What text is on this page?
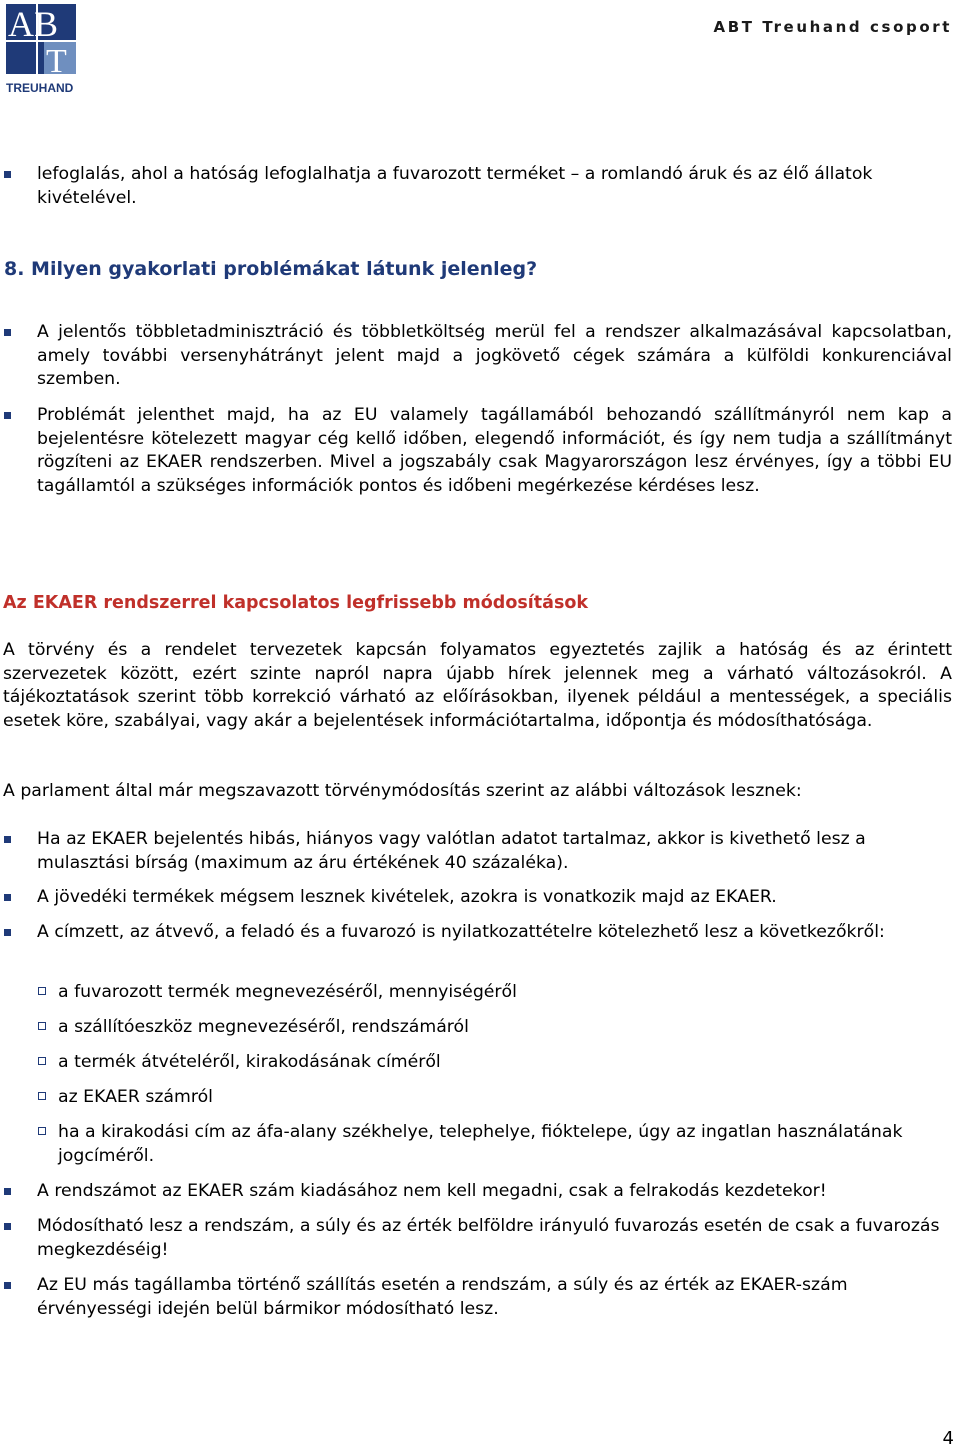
AB
T
TREUHAND
ABT Treuhand csoport
lefoglalás, ahol a hatóság lefoglalhatja a fuvarozott terméket – a romlandó áruk és az élő állatok kivételével.
8. Milyen gyakorlati problémákat látunk jelenleg?
A jelentős többletadminisztráció és többletköltség merül fel a rendszer alkalmazásával kapcsolatban, amely további versenyhátrányt jelent majd a jogkövető cégek számára a külföldi konkurenciával szemben.
Problémát jelenthet majd, ha az EU valamely tagállamából behozandó szállítmányról nem kap a bejelentésre kötelezett magyar cég kellő időben, elegendő információt, és így nem tudja a szállítmányt rögzíteni az EKAER rendszerben. Mivel a jogszabály csak Magyarországon lesz érvényes, így a többi EU tagállamtól a szükséges információk pontos és időbeni megérkezése kérdéses lesz.
Az EKAER rendszerrel kapcsolatos legfrissebb módosítások
A törvény és a rendelet tervezetek kapcsán folyamatos egyeztetés zajlik a hatóság és az érintett szervezetek között, ezért szinte napról napra újabb hírek jelennek meg a várható változásokról. A tájékoztatások szerint több korrekció várható az előírásokban, ilyenek például a mentességek, a speciális esetek köre, szabályai, vagy akár a bejelentések információtartalma, időpontja és módosíthatósága.
A parlament által már megszavazott törvénymódosítás szerint az alábbi változások lesznek:
Ha az EKAER bejelentés hibás, hiányos vagy valótlan adatot tartalmaz, akkor is kivethető lesz a mulasztási bírság (maximum az áru értékének 40 százaléka).
A jövedéki termékek mégsem lesznek kivételek, azokra is vonatkozik majd az EKAER.
A címzett, az átvevő, a feladó és a fuvarozó is nyilatkozattételre kötelezhető lesz a következőkről:
a fuvarozott termék megnevezéséről, mennyiségéről
a szállítóeszköz megnevezéséről, rendszámáról
a termék átvételéről, kirakodásának címéről
az EKAER számról
ha a kirakodási cím az áfa-alany székhelye, telephelye, fióktelepe, úgy az ingatlan használatának jogcíméről.
A rendszámot az EKAER szám kiadásához nem kell megadni, csak a felrakodás kezdetekor!
Módosítható lesz a rendszám, a súly és az érték belföldre irányuló fuvarozás esetén de csak a fuvarozás megkezdéséig!
Az EU más tagállamba történő szállítás esetén a rendszám, a súly és az érték az EKAER-szám érvényességi idején belül bármikor módosítható lesz.
4
